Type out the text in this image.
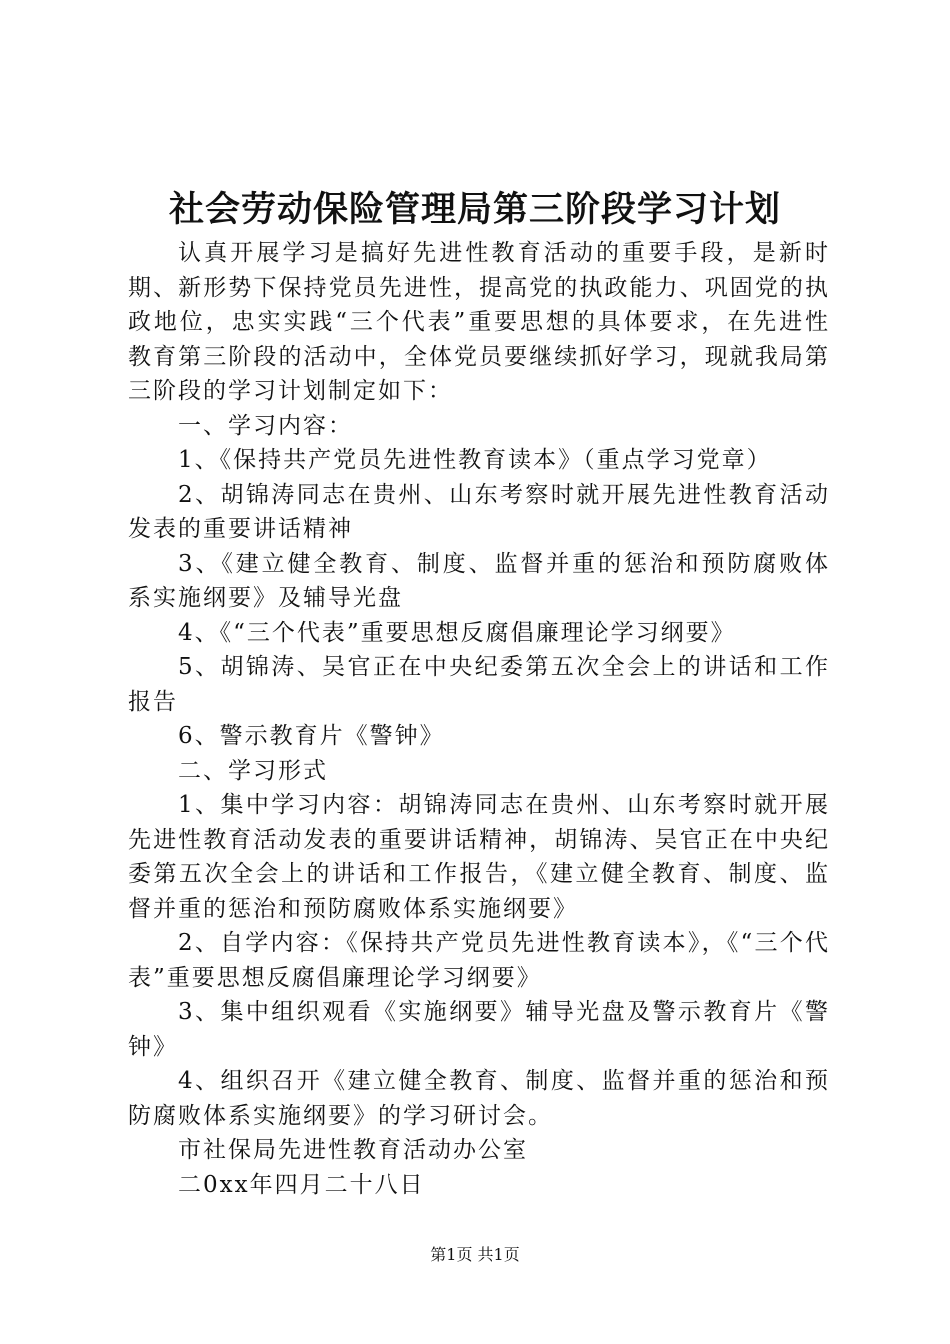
社会劳动保险管理局第三阶段学习计划

认真开展学习是搞好先进性教育活动的重要手段，是新时期、新形势下保持党员先进性，提高党的执政能力、巩固党的执政地位，忠实实践“三个代表”重要思想的具体要求，在先进性教育第三阶段的活动中，全体党员要继续抓好学习，现就我局第三阶段的学习计划制定如下：

一、学习内容：

1、《保持共产党员先进性教育读本》（重点学习党章）

2、胡锦涛同志在贵州、山东考察时就开展先进性教育活动发表的重要讲话精神

3、《建立健全教育、制度、监督并重的惩治和预防腐败体系实施纲要》及辅导光盘

4、《“三个代表”重要思想反腐倡廉理论学习纲要》

5、胡锦涛、吴官正在中央纪委第五次全会上的讲话和工作报告

6、警示教育片《警钟》

二、学习形式

1、集中学习内容：胡锦涛同志在贵州、山东考察时就开展先进性教育活动发表的重要讲话精神，胡锦涛、吴官正在中央纪委第五次全会上的讲话和工作报告，《建立健全教育、制度、监督并重的惩治和预防腐败体系实施纲要》

2、自学内容：《保持共产党员先进性教育读本》，《“三个代表”重要思想反腐倡廉理论学习纲要》

3、集中组织观看《实施纲要》辅导光盘及警示教育片《警钟》

4、组织召开《建立健全教育、制度、监督并重的惩治和预防腐败体系实施纲要》的学习研讨会。

市社保局先进性教育活动办公室

二0xx年四月二十八日

第1页 共1页
